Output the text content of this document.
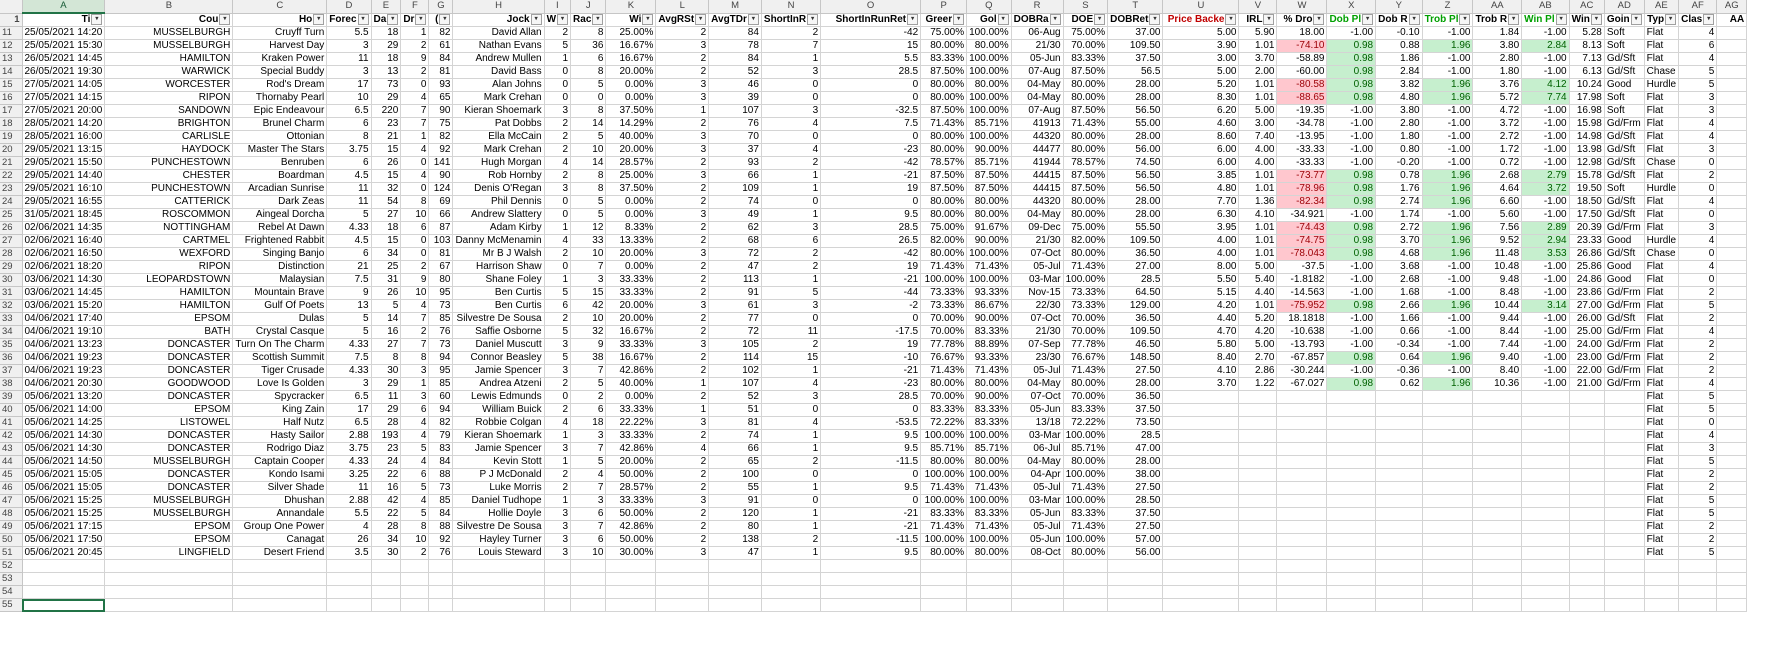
	A	B	C	D	E	F	G	H	I	J	K	L	M	N	O	P	Q	R	S	T	U	V	W	X	Y	Z	AA	AB	AC	AD	AE	AF	AG
1	Ti ▾	Cou ▾	Ho ▾	Forec ▾	Da ▾	Dr ▾	( ▾	Jock ▾	W ▾	Rac ▾	Wi ▾	AvgRSt ▾	AvgTDr ▾	ShortInR ▾	ShortInRunRet ▾	Greer ▾	Gol ▾	DOBRa ▾	DOE ▾	DOBRet ▾	Price Backe ▾	IRL ▾	% Dro ▾	Dob Pl ▾	Dob R ▾	Trob Pl ▾	Trob R ▾	Win Pl ▾	Win ▾	Goin ▾	Typ ▾	Clas ▾	AA
11	25/05/2021 14:20	MUSSELBURGH	Cruyff Turn	5.5	18	1	82	David Allan	2	8	25.00%	2	84	2	-42	75.00%	100.00%	06-Aug	75.00%	37.00	5.00	5.90	18.00	-1.00	-0.10	-1.00	1.84	-1.00	5.28	Soft	Flat	4	
12	25/05/2021 15:30	MUSSELBURGH	Harvest Day	3	29	2	61	Nathan Evans	5	36	16.67%	3	78	7	15	80.00%	80.00%	21/30	70.00%	109.50	3.90	1.01	-74.10	0.98	0.88	1.96	3.80	2.84	8.13	Soft	Flat	6	
13	26/05/2021 14:45	HAMILTON	Kraken Power	11	18	9	84	Andrew Mullen	1	6	16.67%	2	84	1	5.5	83.33%	100.00%	05-Jun	83.33%	37.50	3.00	3.70	-58.89	0.98	1.86	-1.00	2.80	-1.00	7.13	Gd/Sft	Flat	4	
14	26/05/2021 19:30	WARWICK	Special Buddy	3	13	2	81	David Bass	0	8	20.00%	2	52	3	28.5	87.50%	100.00%	07-Aug	87.50%	56.5	5.00	2.00	-60.00	0.98	2.84	-1.00	1.80	-1.00	6.13	Gd/Sft	Chase	5	
15	27/05/2021 14:05	WORCESTER	Rod's Dream	17	73	0	93	Alan Johns	0	5	0.00%	3	46	0	0	80.00%	80.00%	04-May	80.00%	28.00	5.20	1.01	-80.58	0.98	3.82	1.96	3.76	4.12	10.24	Good	Hurdle	5	
16	27/05/2021 14:15	RIPON	Thornaby Pearl	10	29	4	65	Mark Crehan	0	0	0.00%	3	39	0	0	80.00%	100.00%	04-May	80.00%	28.00	8.30	1.01	-88.65	0.98	4.80	1.96	5.72	7.74	17.98	Soft	Flat	3	
17	27/05/2021 20:00	SANDOWN	Epic Endeavour	6.5	220	7	90	Kieran Shoemark	3	8	37.50%	1	107	3	-32.5	87.50%	100.00%	07-Aug	87.50%	56.50	6.20	5.00	-19.35	-1.00	3.80	-1.00	4.72	-1.00	16.98	Soft	Flat	3	
18	28/05/2021 14:20	BRIGHTON	Brunel Charm	6	23	7	75	Pat Dobbs	2	14	14.29%	2	76	4	7.5	71.43%	85.71%	41913	71.43%	55.00	4.60	3.00	-34.78	-1.00	2.80	-1.00	3.72	-1.00	15.98	Gd/Frm	Flat	4	
19	28/05/2021 16:00	CARLISLE	Ottonian	8	21	1	82	Ella McCain	2	5	40.00%	3	70	0	0	80.00%	100.00%	44320	80.00%	28.00	8.60	7.40	-13.95	-1.00	1.80	-1.00	2.72	-1.00	14.98	Gd/Sft	Flat	4	
20	29/05/2021 13:15	HAYDOCK	Master The Stars	3.75	15	4	92	Mark Crehan	2	10	20.00%	3	37	4	-23	80.00%	90.00%	44477	80.00%	56.00	6.00	4.00	-33.33	-1.00	0.80	-1.00	1.72	-1.00	13.98	Gd/Sft	Flat	3	
21	29/05/2021 15:50	PUNCHESTOWN	Benruben	6	26	0	141	Hugh Morgan	4	14	28.57%	2	93	2	-42	78.57%	85.71%	41944	78.57%	74.50	6.00	4.00	-33.33	-1.00	-0.20	-1.00	0.72	-1.00	12.98	Gd/Sft	Chase	0	
22	29/05/2021 14:40	CHESTER	Boardman	4.5	15	4	90	Rob Hornby	2	8	25.00%	3	66	1	-21	87.50%	87.50%	44415	87.50%	56.50	3.85	1.01	-73.77	0.98	0.78	1.96	2.68	2.79	15.78	Gd/Sft	Flat	2	
23	29/05/2021 16:10	PUNCHESTOWN	Arcadian Sunrise	11	32	0	124	Denis O'Regan	3	8	37.50%	2	109	1	19	87.50%	87.50%	44415	87.50%	56.50	4.80	1.01	-78.96	0.98	1.76	1.96	4.64	3.72	19.50	Soft	Hurdle	0	
24	29/05/2021 16:55	CATTERICK	Dark Zeas	11	54	8	69	Phil Dennis	0	5	0.00%	2	74	0	0	80.00%	80.00%	44320	80.00%	28.00	7.70	1.36	-82.34	0.98	2.74	1.96	6.60	-1.00	18.50	Gd/Sft	Flat	4	
25	31/05/2021 18:45	ROSCOMMON	Aingeal Dorcha	5	27	10	66	Andrew Slattery	0	5	0.00%	3	49	1	9.5	80.00%	80.00%	04-May	80.00%	28.00	6.30	4.10	-34.921	-1.00	1.74	-1.00	5.60	-1.00	17.50	Gd/Sft	Flat	0	
26	02/06/2021 14:35	NOTTINGHAM	Rebel At Dawn	4.33	18	6	87	Adam Kirby	1	12	8.33%	2	62	3	28.5	75.00%	91.67%	09-Dec	75.00%	55.50	3.95	1.01	-74.43	0.98	2.72	1.96	7.56	2.89	20.39	Gd/Frm	Flat	3	
27	02/06/2021 16:40	CARTMEL	Frightened Rabbit	4.5	15	0	103	Danny McMenamin	4	33	13.33%	2	68	6	26.5	82.00%	90.00%	21/30	82.00%	109.50	4.00	1.01	-74.75	0.98	3.70	1.96	9.52	2.94	23.33	Good	Hurdle	4	
28	02/06/2021 16:50	WEXFORD	Singing Banjo	6	34	0	81	Mr B J Walsh	2	10	20.00%	3	72	2	-42	80.00%	100.00%	07-Oct	80.00%	36.50	4.00	1.01	-78.043	0.98	4.68	1.96	11.48	3.53	26.86	Gd/Sft	Chase	0	
29	02/06/2021 18:20	RIPON	Distinction	21	25	2	67	Harrison Shaw	0	7	0.00%	2	47	2	19	71.43%	71.43%	05-Jul	71.43%	27.00	8.00	5.00	-37.5	-1.00	3.68	-1.00	10.48	-1.00	25.86	Good	Flat	4	
30	03/06/2021 14:30	LEOPARDSTOWN	Malaysian	7.5	31	9	80	Shane Foley	1	3	33.33%	2	113	1	-21	100.00%	100.00%	03-Mar	100.00%	28.5	5.50	5.40	-1.8182	-1.00	2.68	-1.00	9.48	-1.00	24.86	Good	Flat	0	
31	03/06/2021 14:45	HAMILTON	Mountain Brave	9	26	10	95	Ben Curtis	5	15	33.33%	2	91	5	-44	73.33%	93.33%	Nov-15	73.33%	64.50	5.15	4.40	-14.563	-1.00	1.68	-1.00	8.48	-1.00	23.86	Gd/Frm	Flat	2	
32	03/06/2021 15:20	HAMILTON	Gulf Of Poets	13	5	4	73	Ben Curtis	6	42	20.00%	3	61	3	-2	73.33%	86.67%	22/30	73.33%	129.00	4.20	1.01	-75.952	0.98	2.66	1.96	10.44	3.14	27.00	Gd/Frm	Flat	5	
33	04/06/2021 17:40	EPSOM	Dulas	5	14	7	85	Silvestre De Sousa	2	10	20.00%	2	77	0	0	70.00%	90.00%	07-Oct	70.00%	36.50	4.40	5.20	18.1818	-1.00	1.66	-1.00	9.44	-1.00	26.00	Gd/Sft	Flat	2	
34	04/06/2021 19:10	BATH	Crystal Casque	5	16	2	76	Saffie Osborne	5	32	16.67%	2	72	11	-17.5	70.00%	83.33%	21/30	70.00%	109.50	4.70	4.20	-10.638	-1.00	0.66	-1.00	8.44	-1.00	25.00	Gd/Frm	Flat	4	
35	04/06/2021 13:23	DONCASTER	Turn On The Charm	4.33	27	7	73	Daniel Muscutt	3	9	33.33%	3	105	2	19	77.78%	88.89%	07-Sep	77.78%	46.50	5.80	5.00	-13.793	-1.00	-0.34	-1.00	7.44	-1.00	24.00	Gd/Frm	Flat	2	
36	04/06/2021 19:23	DONCASTER	Scottish Summit	7.5	8	8	94	Connor Beasley	5	38	16.67%	2	114	15	-10	76.67%	93.33%	23/30	76.67%	148.50	8.40	2.70	-67.857	0.98	0.64	1.96	9.40	-1.00	23.00	Gd/Frm	Flat	2	
37	04/06/2021 19:23	DONCASTER	Tiger Crusade	4.33	30	3	95	Jamie Spencer	3	7	42.86%	2	102	1	-21	71.43%	71.43%	05-Jul	71.43%	27.50	4.10	2.86	-30.244	-1.00	-0.36	-1.00	8.40	-1.00	22.00	Gd/Frm	Flat	2	
38	04/06/2021 20:30	GOODWOOD	Love Is Golden	3	29	1	85	Andrea Atzeni	2	5	40.00%	1	107	4	-23	80.00%	80.00%	04-May	80.00%	28.00	3.70	1.22	-67.027	0.98	0.62	1.96	10.36	-1.00	21.00	Gd/Frm	Flat	4	
39	05/06/2021 13:20	DONCASTER	Spycracker	6.5	11	3	60	Lewis Edmunds	0	2	0.00%	2	52	3	28.5	70.00%	90.00%	07-Oct	70.00%	36.50											Flat	5	
40	05/06/2021 14:00	EPSOM	King Zain	17	29	6	94	William Buick	2	6	33.33%	1	51	0	0	83.33%	83.33%	05-Jun	83.33%	37.50											Flat	5	
41	05/06/2021 14:25	LISTOWEL	Half Nutz	6.5	28	4	82	Robbie Colgan	4	18	22.22%	3	81	4	-53.5	72.22%	83.33%	13/18	72.22%	73.50											Flat	0	
42	05/06/2021 14:30	DONCASTER	Hasty Sailor	2.88	193	4	79	Kieran Shoemark	1	3	33.33%	2	74	1	9.5	100.00%	100.00%	03-Mar	100.00%	28.5											Flat	4	
43	05/06/2021 14:30	DONCASTER	Rodrigo Diaz	3.75	23	5	83	Jamie Spencer	3	7	42.86%	4	66	1	9.5	85.71%	85.71%	06-Jul	85.71%	47.00											Flat	3	
44	05/06/2021 14:50	MUSSELBURGH	Captain Cooper	4.33	24	4	84	Kevin Stott	1	5	20.00%	2	65	2	-11.5	80.00%	80.00%	04-May	80.00%	28.00											Flat	5	
45	05/06/2021 15:05	DONCASTER	Kondo Isami	3.25	22	6	88	P J McDonald	2	4	50.00%	2	100	0	0	100.00%	100.00%	04-Apr	100.00%	38.00											Flat	2	
46	05/06/2021 15:05	DONCASTER	Silver Shade	11	16	5	73	Luke Morris	2	7	28.57%	2	55	1	9.5	71.43%	71.43%	05-Jul	71.43%	27.50											Flat	2	
47	05/06/2021 15:25	MUSSELBURGH	Dhushan	2.88	42	4	85	Daniel Tudhope	1	3	33.33%	3	91	0	0	100.00%	100.00%	03-Mar	100.00%	28.50											Flat	5	
48	05/06/2021 15:25	MUSSELBURGH	Annandale	5.5	22	5	84	Hollie Doyle	3	6	50.00%	2	120	1	-21	83.33%	83.33%	05-Jun	83.33%	37.50											Flat	5	
49	05/06/2021 17:15	EPSOM	Group One Power	4	28	8	88	Silvestre De Sousa	3	7	42.86%	2	80	1	-21	71.43%	71.43%	05-Jul	71.43%	27.50											Flat	2	
50	05/06/2021 17:50	EPSOM	Canagat	26	34	10	92	Hayley Turner	3	6	50.00%	2	138	2	-11.5	100.00%	100.00%	05-Jun	100.00%	57.00											Flat	2	
51	05/06/2021 20:45	LINGFIELD	Desert Friend	3.5	30	2	76	Louis Steward	3	10	30.00%	3	47	1	9.5	80.00%	80.00%	08-Oct	80.00%	56.00											Flat	5	
52																																	
53																																	
54																																	
55																																	
